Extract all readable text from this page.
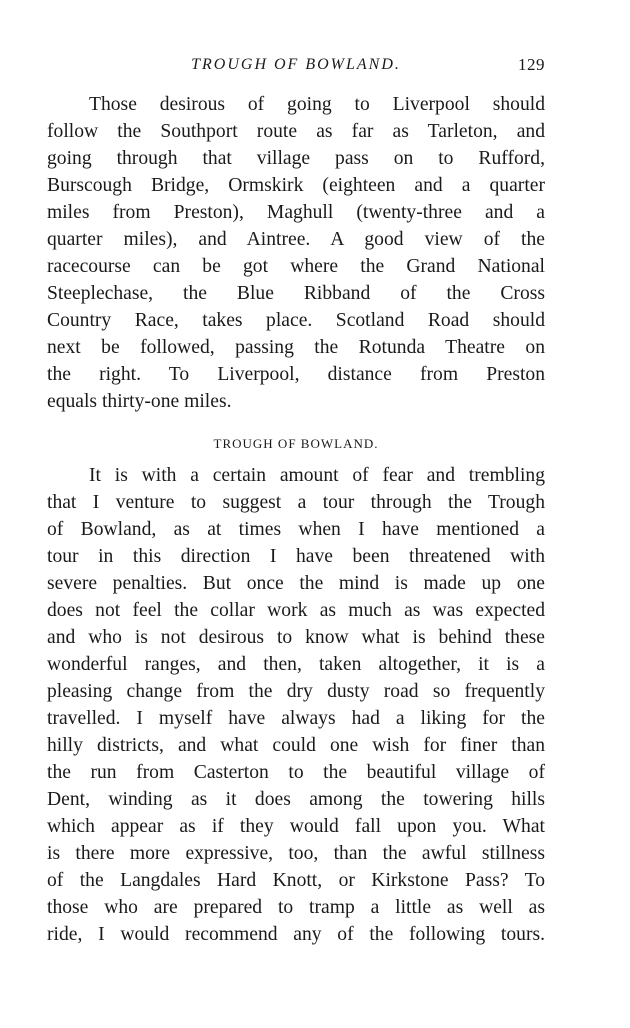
TROUGH OF BOWLAND.	129
Those desirous of going to Liverpool should
follow the Southport route as far as Tarleton, and
going through that village pass on to Rufford,
Burscough Bridge, Ormskirk (eighteen and a quarter
miles from Preston), Maghull (twenty-three and a
quarter miles), and Aintree. A good view of the
racecourse can be got where the Grand National
Steeplechase, the Blue Ribband of the Cross
Country Race, takes place. Scotland Road should
next be followed, passing the Rotunda Theatre on
the right. To Liverpool, distance from Preston
equals thirty-one miles.
TROUGH OF BOWLAND.
It is with a certain amount of fear and trembling
that I venture to suggest a tour through the Trough
of Bowland, as at times when I have mentioned a
tour in this direction I have been threatened with
severe penalties. But once the mind is made up one
does not feel the collar work as much as was expected
and who is not desirous to know what is behind these
wonderful ranges, and then, taken altogether, it is a
pleasing change from the dry dusty road so frequently
travelled. I myself have always had a liking for the
hilly districts, and what could one wish for finer than
the run from Casterton to the beautiful village of
Dent, winding as it does among the towering hills
which appear as if they would fall upon you. What
is there more expressive, too, than the awful stillness
of the Langdales Hard Knott, or Kirkstone Pass? To
those who are prepared to tramp a little as well as
ride, I would recommend any of the following tours.
